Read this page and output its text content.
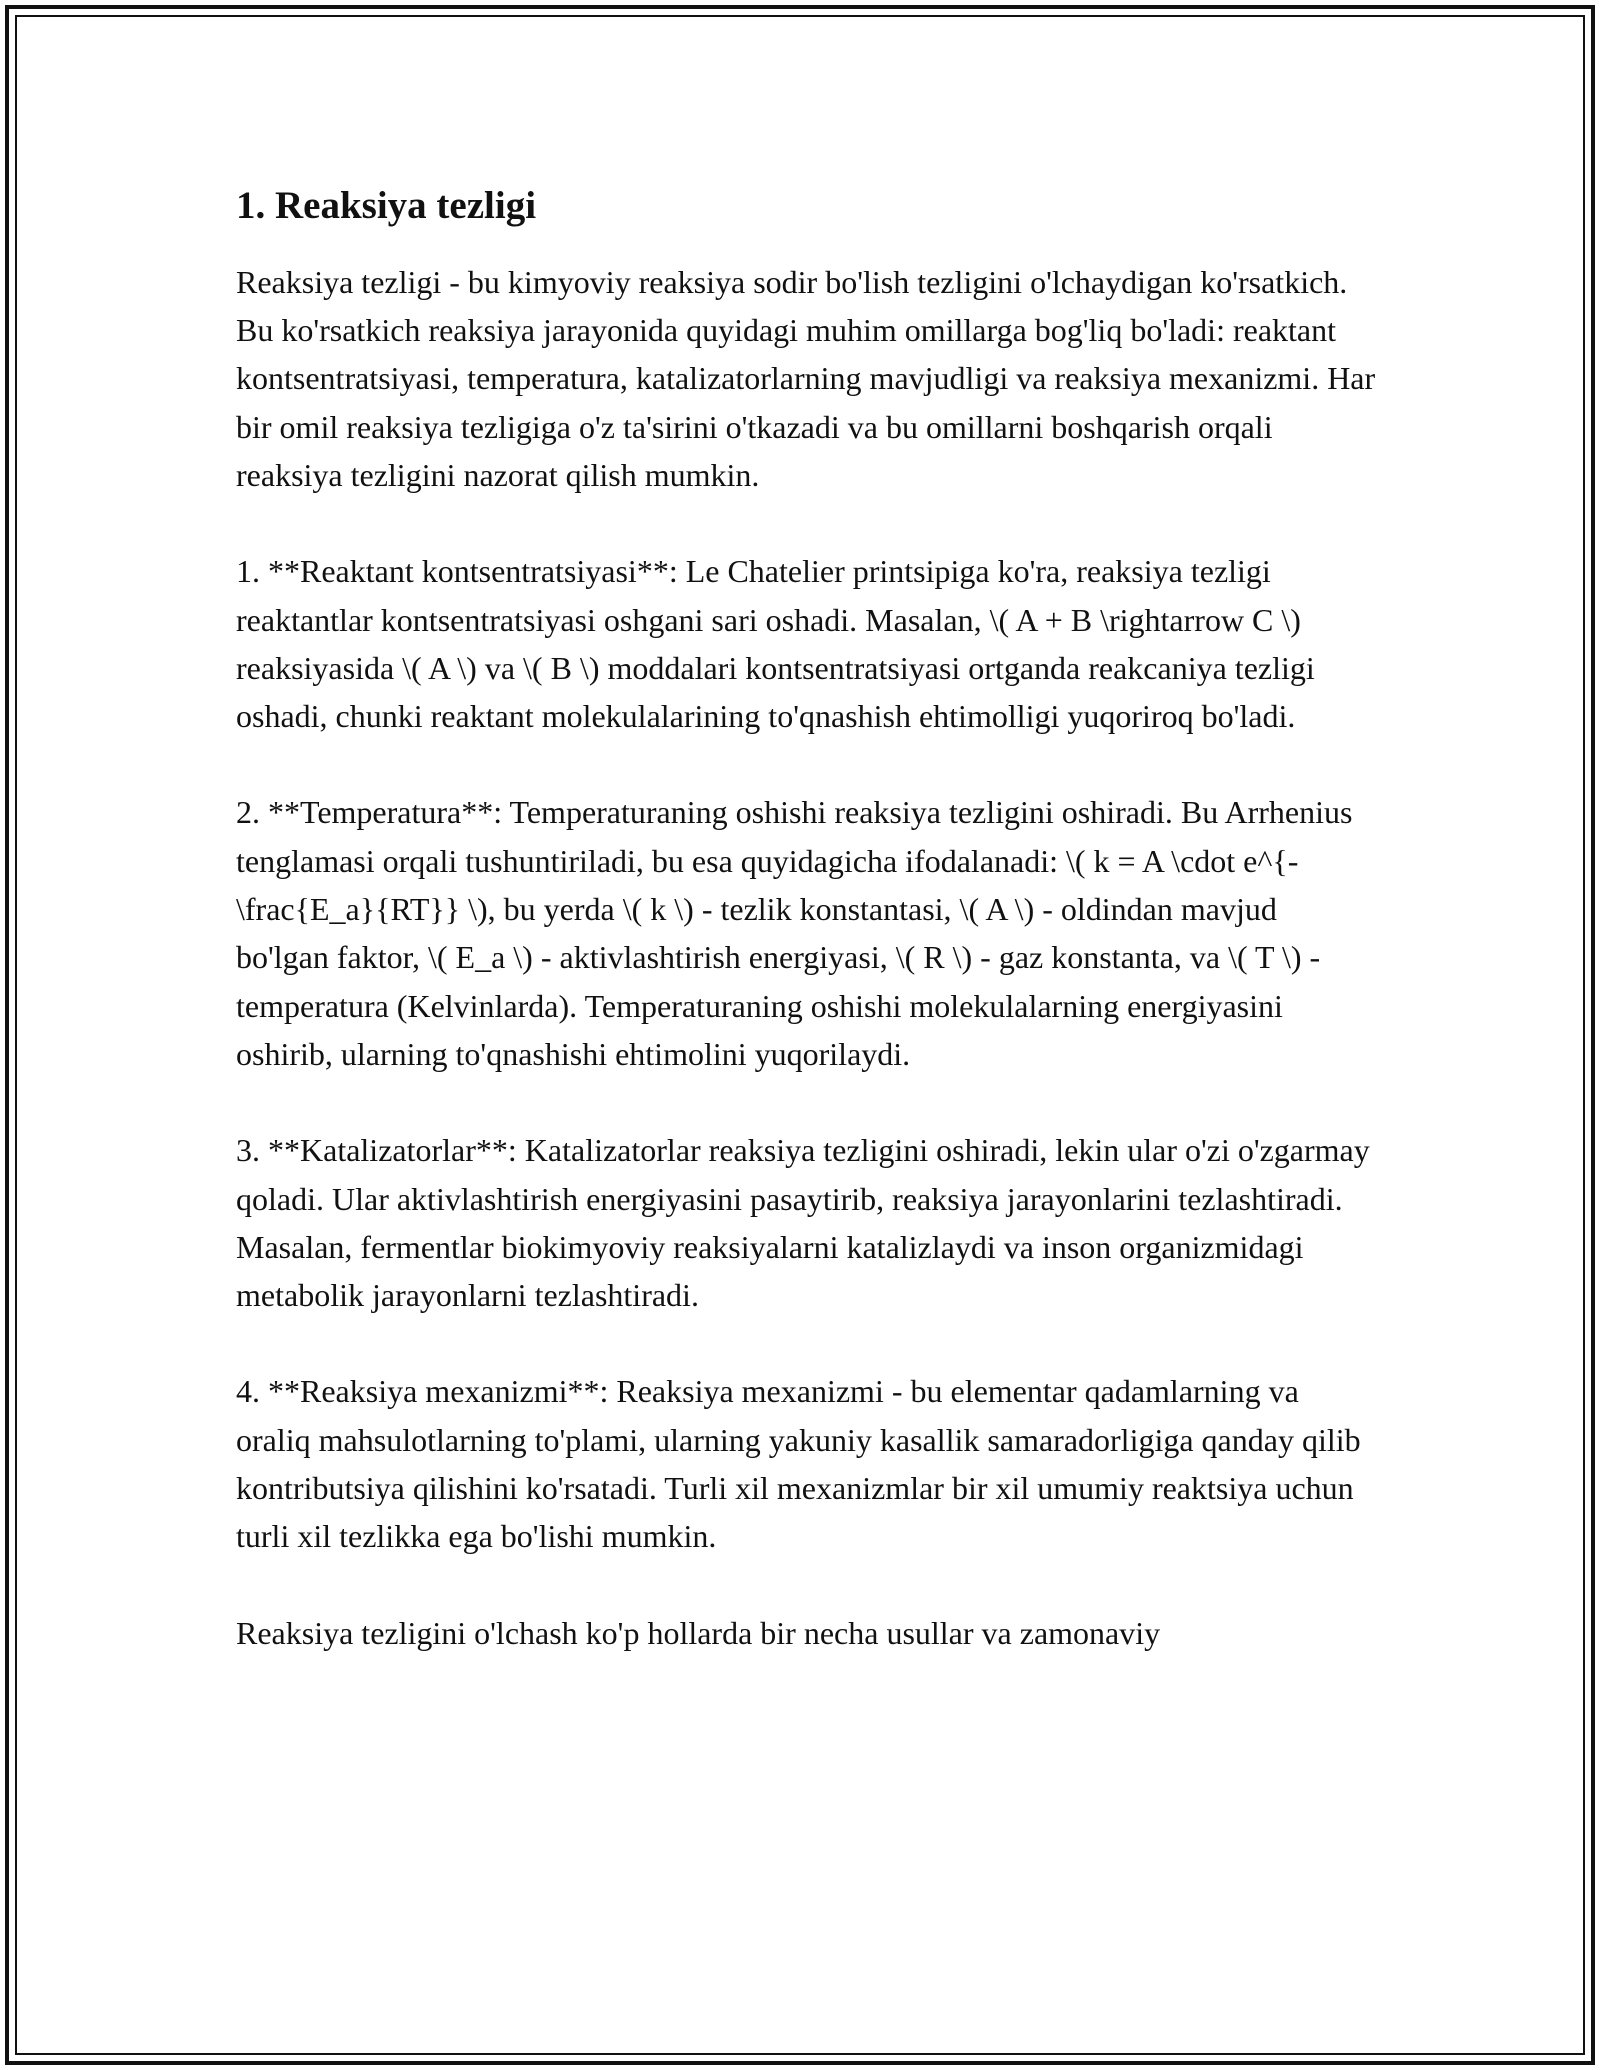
1. Reaksiya tezligi

Reaksiya tezligi - bu kimyoviy reaksiya sodir bo'lish tezligini o'lchaydigan ko'rsatkich. Bu ko'rsatkich reaksiya jarayonida quyidagi muhim omillarga bog'liq bo'ladi: reaktant kontsentratsiyasi, temperatura, katalizatorlarning mavjudligi va reaksiya mexanizmi. Har bir omil reaksiya tezligiga o'z ta'sirini o'tkazadi va bu omillarni boshqarish orqali reaksiya tezligini nazorat qilish mumkin.

1. **Reaktant kontsentratsiyasi**: Le Chatelier printsipiga ko'ra, reaksiya tezligi reaktantlar kontsentratsiyasi oshgani sari oshadi. Masalan, \( A + B \rightarrow C \) reaksiyasida \( A \) va \( B \) moddalari kontsentratsiyasi ortganda reakcaniya tezligi oshadi, chunki reaktant molekulalarining to'qnashish ehtimolligi yuqoriroq bo'ladi.

2. **Temperatura**: Temperaturaning oshishi reaksiya tezligini oshiradi. Bu Arrhenius tenglamasi orqali tushuntiriladi, bu esa quyidagicha ifodalanadi: \( k = A \cdot e^{-\frac{E_a}{RT}} \), bu yerda \( k \) - tezlik konstantasi, \( A \) - oldindan mavjud bo'lgan faktor, \( E_a \) - aktivlashtirish energiyasi, \( R \) - gaz konstanta, va \( T \) - temperatura (Kelvinlarda). Temperaturaning oshishi molekulalarning energiyasini oshirib, ularning to'qnashishi ehtimolini yuqorilaydi.

3. **Katalizatorlar**: Katalizatorlar reaksiya tezligini oshiradi, lekin ular o'zi o'zgarmay qoladi. Ular aktivlashtirish energiyasini pasaytirib, reaksiya jarayonlarini tezlashtiradi. Masalan, fermentlar biokimyoviy reaksiyalarni katalizlaydi va inson organizmidagi metabolik jarayonlarni tezlashtiradi.

4. **Reaksiya mexanizmi**: Reaksiya mexanizmi - bu elementar qadamlarning va oraliq mahsulotlarning to'plami, ularning yakuniy kasallik samaradorligiga qanday qilib kontributsiya qilishini ko'rsatadi. Turli xil mexanizmlar bir xil umumiy reaktsiya uchun turli xil tezlikka ega bo'lishi mumkin.

Reaksiya tezligini o'lchash ko'p hollarda bir necha usullar va zamonaviy
